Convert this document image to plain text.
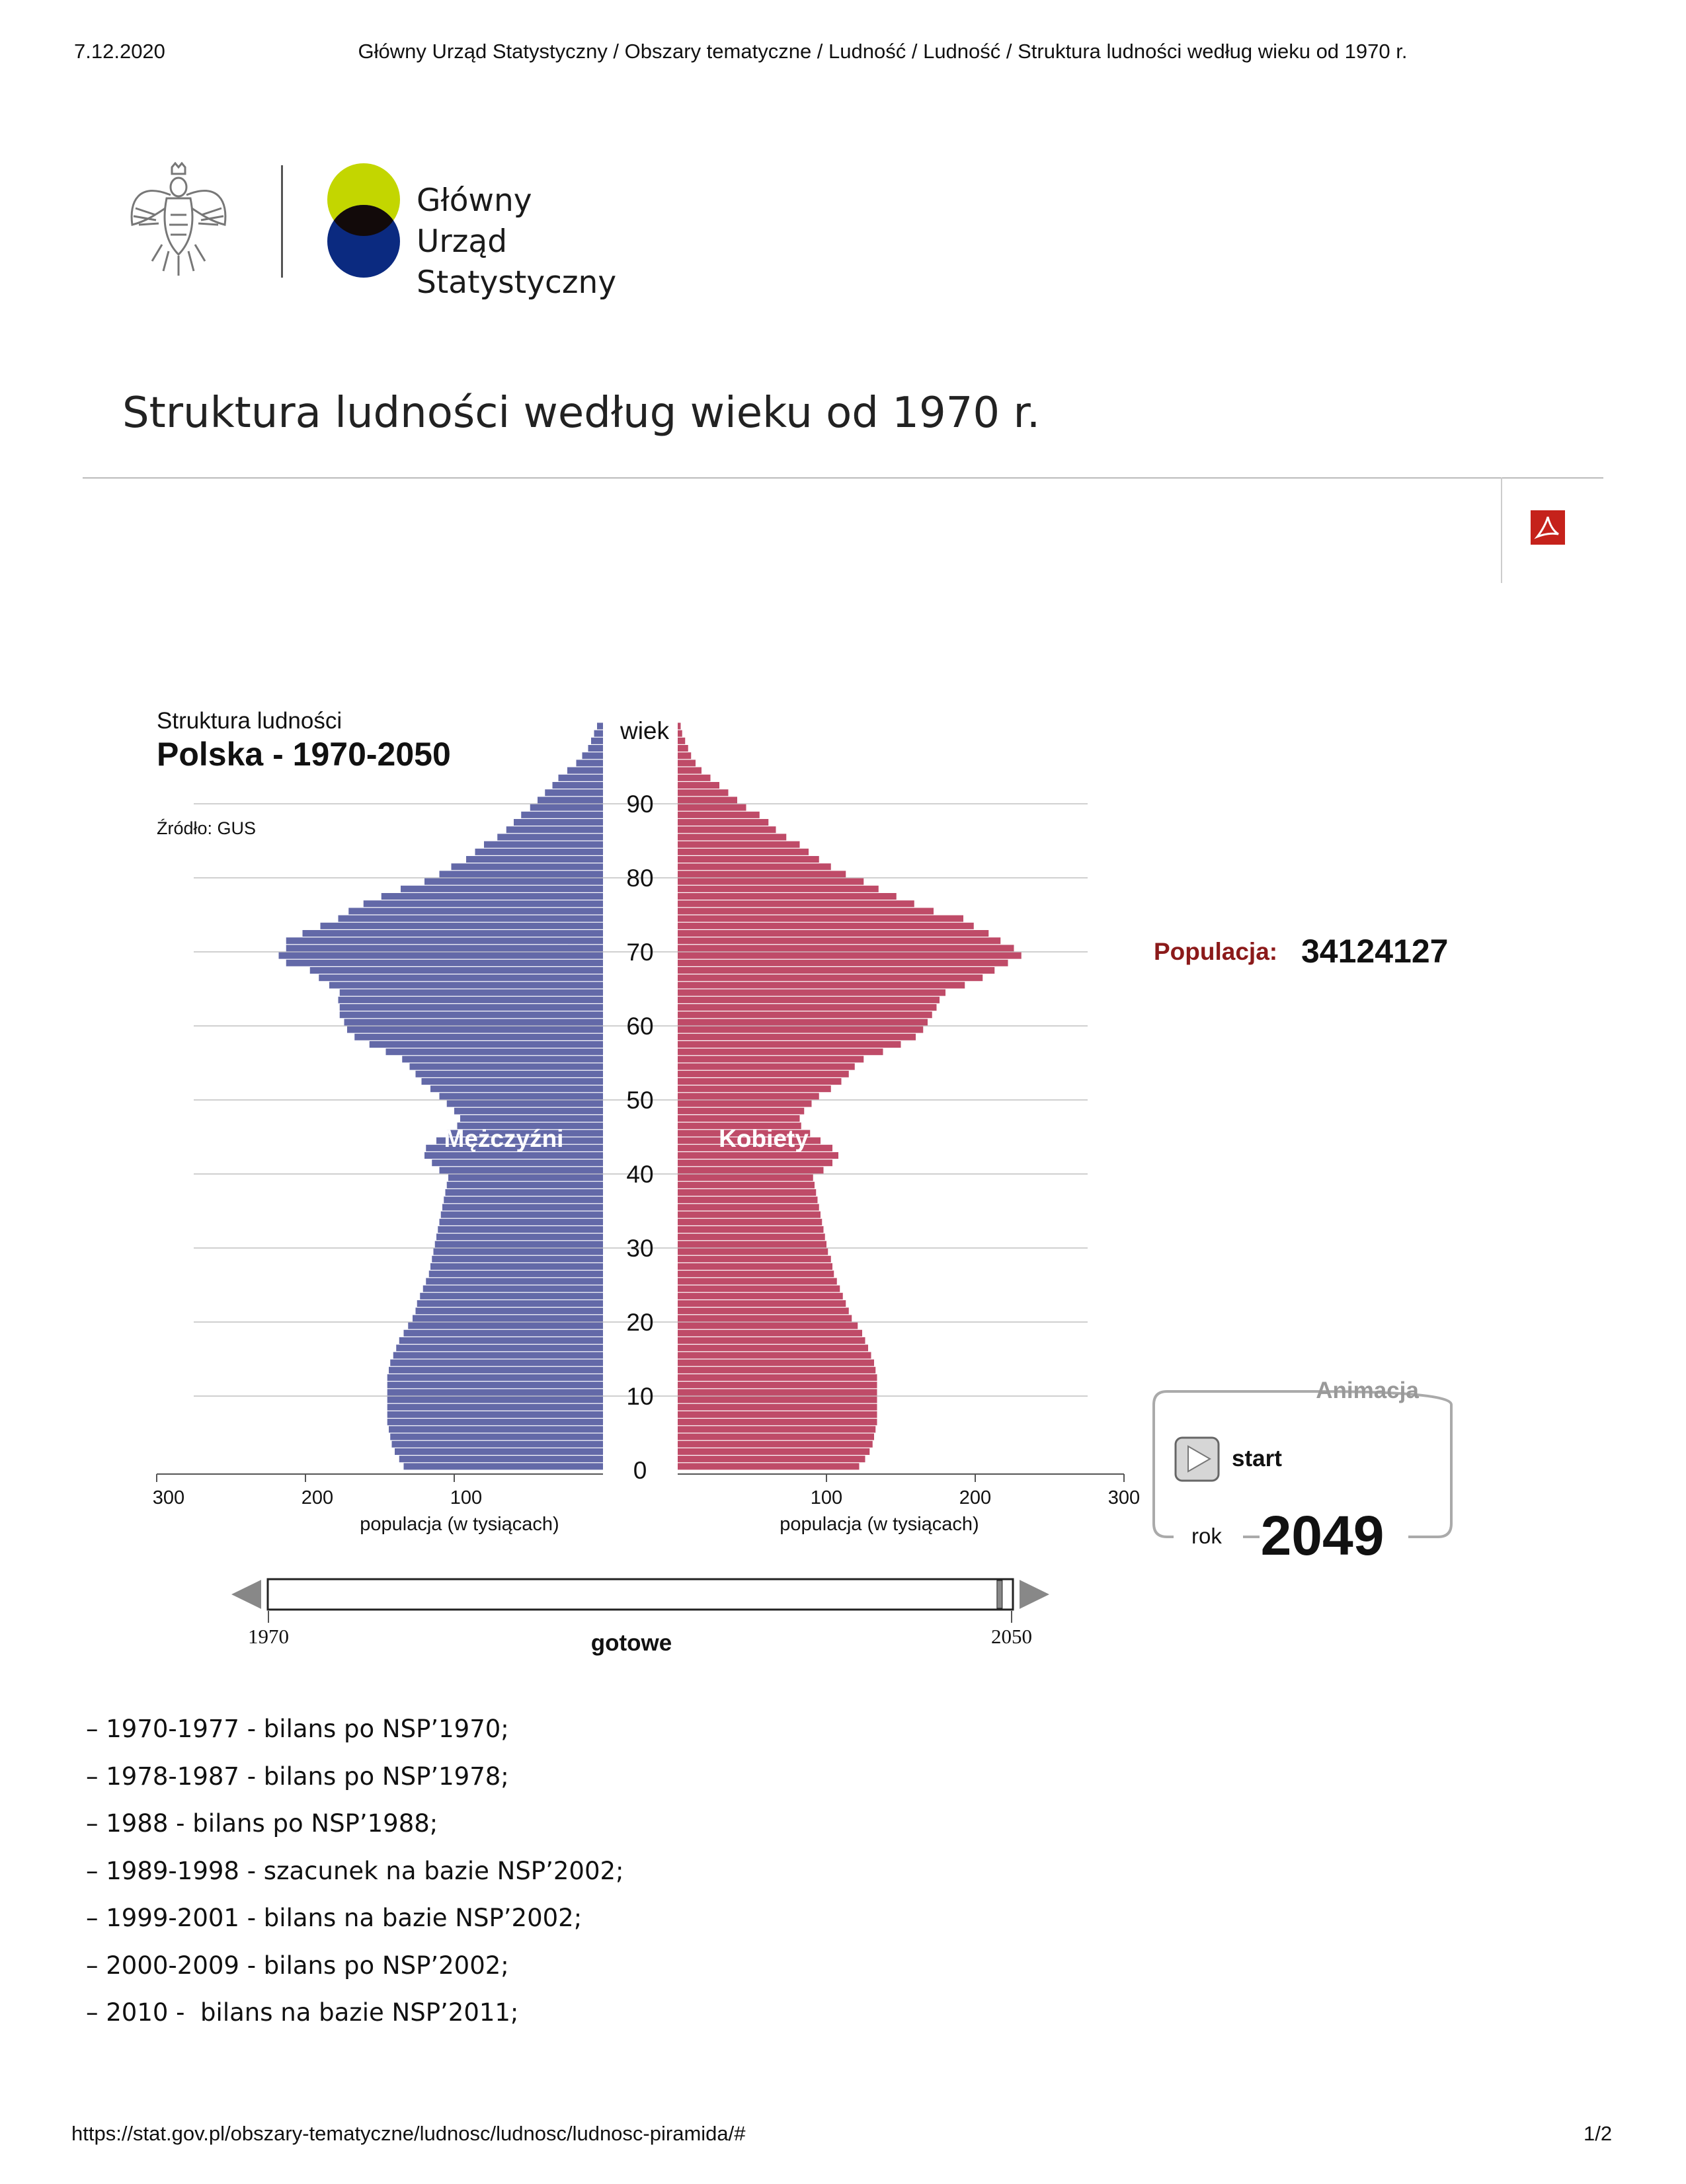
7.12.2020	Główny Urząd Statystyczny / Obszary tematyczne / Ludność / Ludność / Struktura ludności według wieku od 1970 r.
Główny
Urząd Statystyczny
Struktura ludności według wieku od 1970 r.
0
10
20
30
40
50
60
70
80
90
300	300
200	200
100	100
Struktura ludności
Polska - 1970-2050
Źródło: GUS
wiek
Mężczyźni	Kobiety
Populacja: 34124127
populacja (w tysiącach)	populacja (w tysiącach)
Animacja
start
rok 2049
1970	2050
gotowe
– 1970-1977 - bilans po NSP’1970;
– 1978-1987 - bilans po NSP’1978;
– 1988 - bilans po NSP’1988;
– 1989-1998 - szacunek na bazie NSP’2002;
– 1999-2001 - bilans na bazie NSP’2002;
– 2000-2009 - bilans po NSP’2002;
– 2010 -  bilans na bazie NSP’2011;
https://stat.gov.pl/obszary-tematyczne/ludnosc/ludnosc/ludnosc-piramida/#	1/2
